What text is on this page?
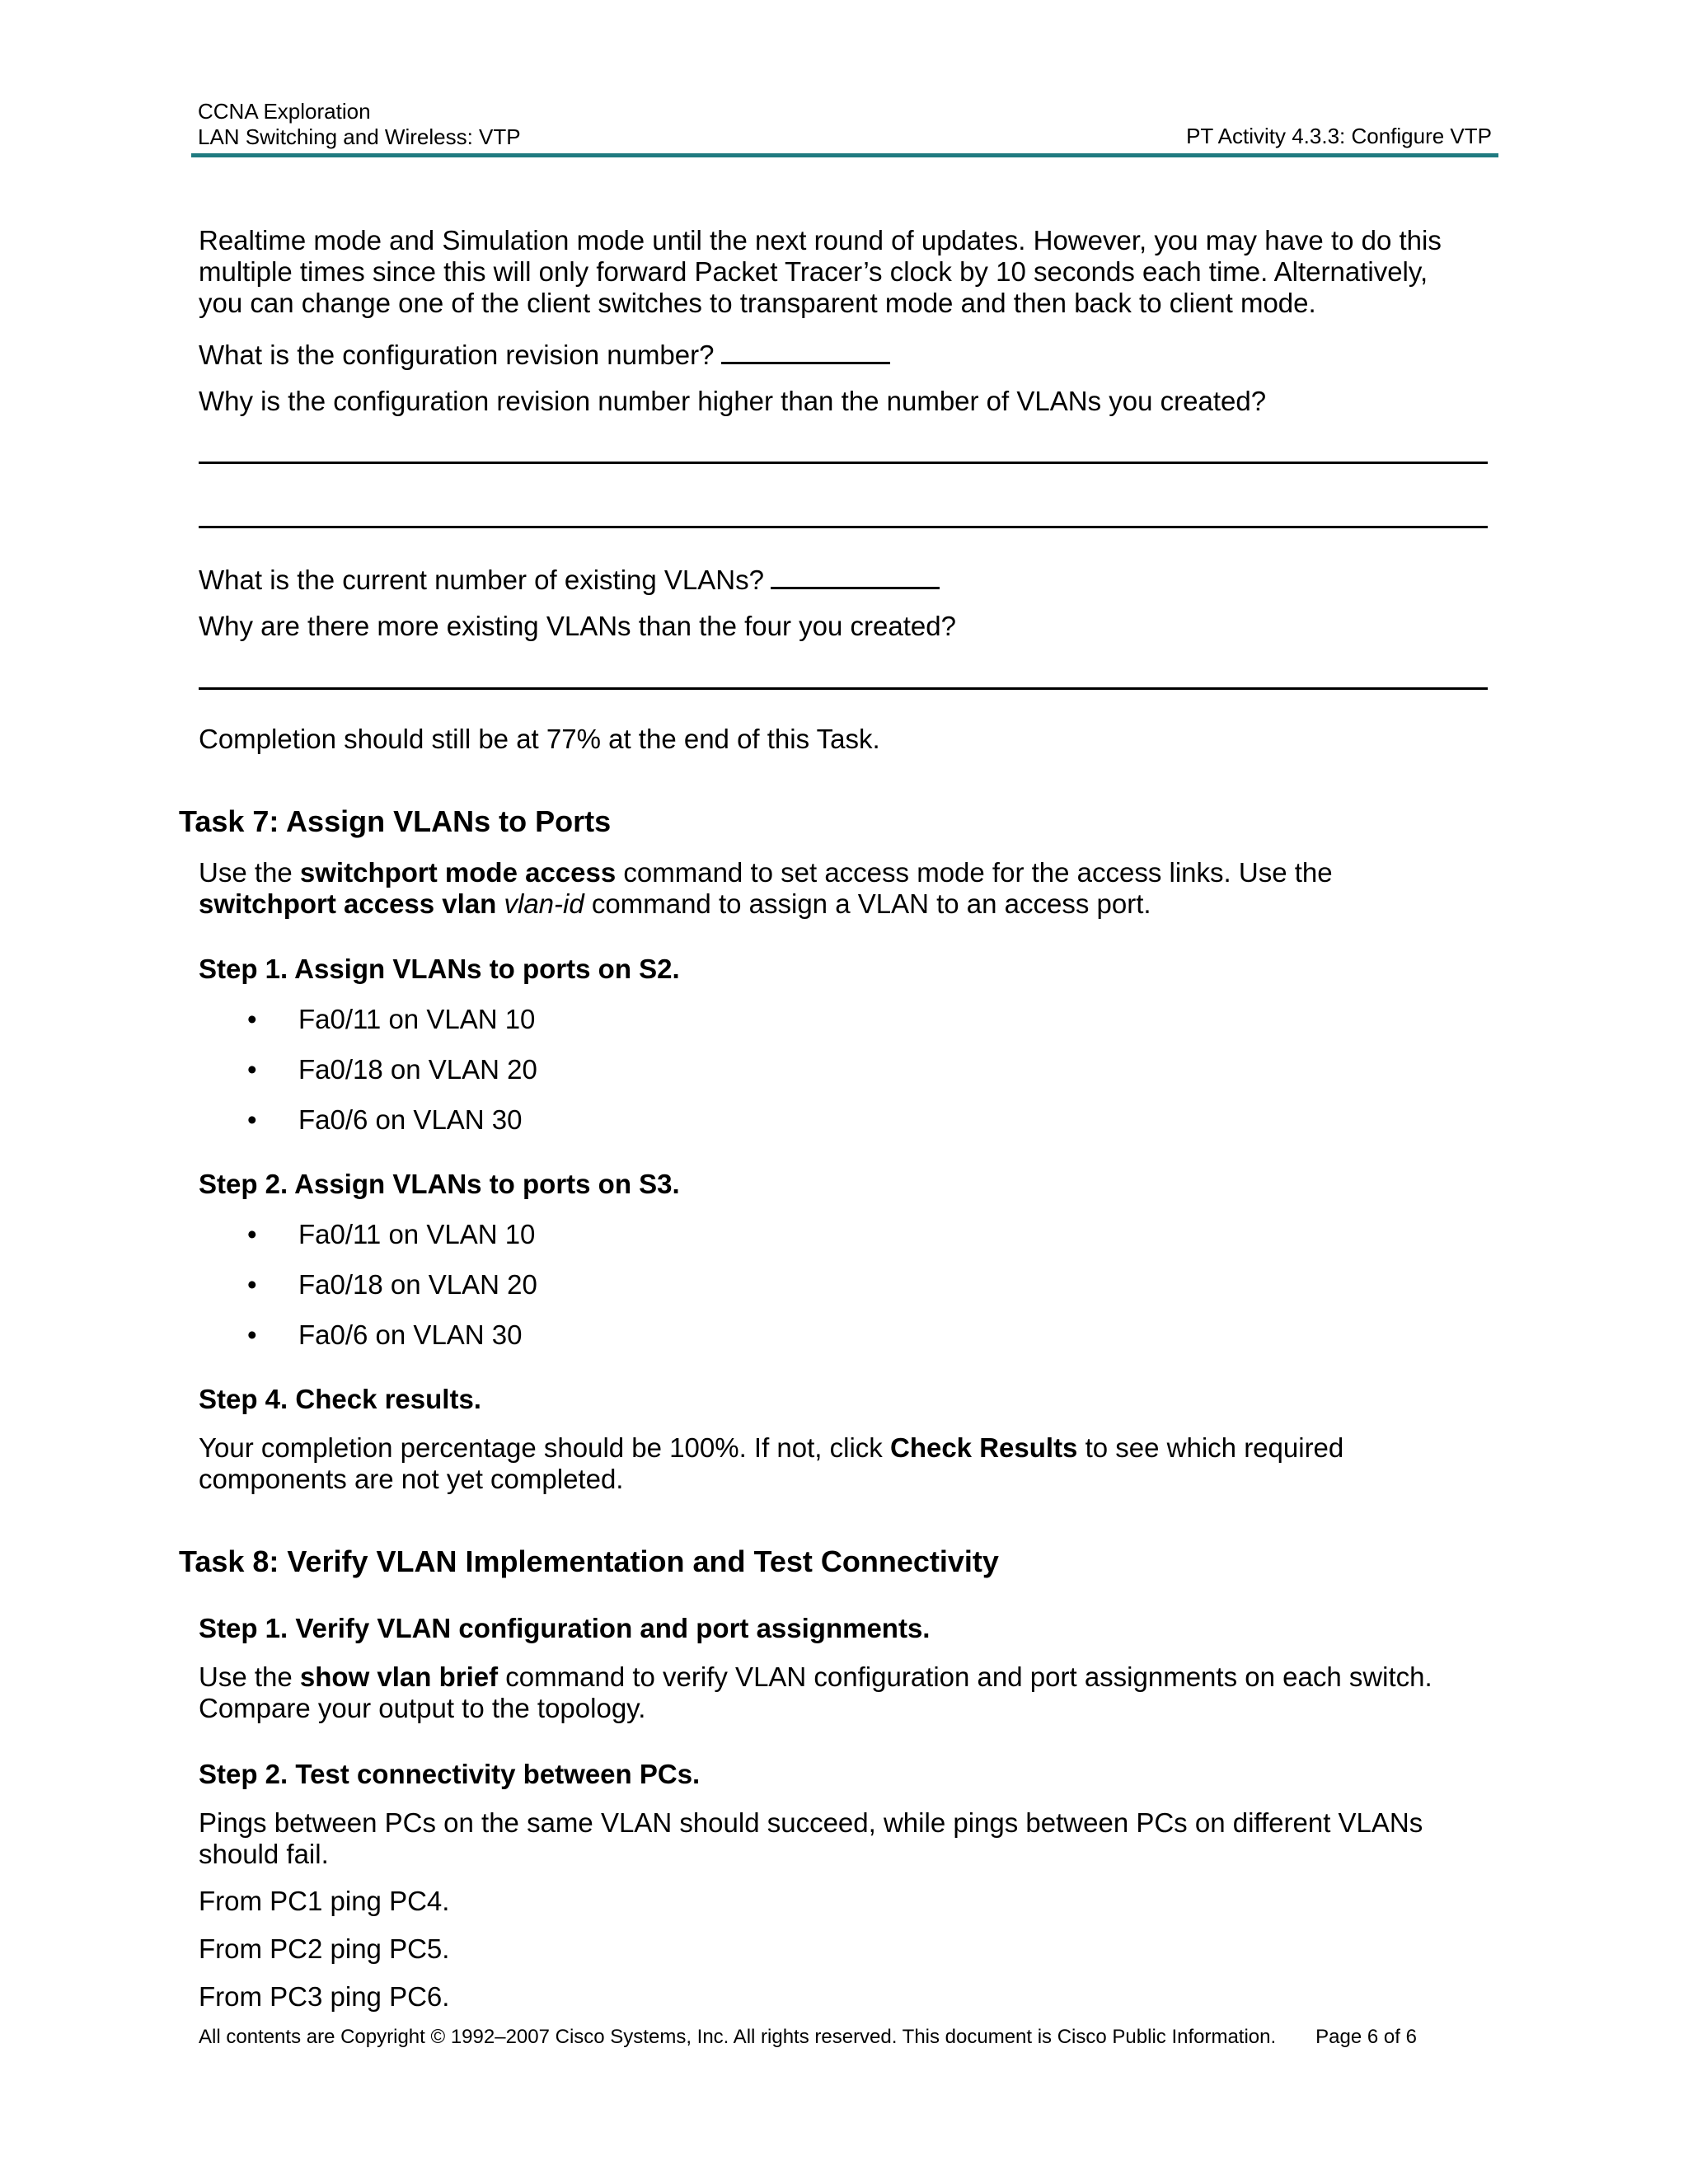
CCNA Exploration
LAN Switching and Wireless: VTP	PT Activity 4.3.3: Configure VTP

Realtime mode and Simulation mode until the next round of updates. However, you may have to do this
multiple times since this will only forward Packet Tracer’s clock by 10 seconds each time. Alternatively,
you can change one of the client switches to transparent mode and then back to client mode.

What is the configuration revision number?

Why is the configuration revision number higher than the number of VLANs you created?

What is the current number of existing VLANs?

Why are there more existing VLANs than the four you created?

Completion should still be at 77% at the end of this Task.

Task 7: Assign VLANs to Ports

Use the switchport mode access command to set access mode for the access links. Use the
switchport access vlan vlan-id command to assign a VLAN to an access port.

Step 1. Assign VLANs to ports on S2.

• Fa0/11 on VLAN 10
• Fa0/18 on VLAN 20
• Fa0/6 on VLAN 30

Step 2. Assign VLANs to ports on S3.

• Fa0/11 on VLAN 10
• Fa0/18 on VLAN 20
• Fa0/6 on VLAN 30

Step 4. Check results.

Your completion percentage should be 100%. If not, click Check Results to see which required
components are not yet completed.

Task 8: Verify VLAN Implementation and Test Connectivity

Step 1. Verify VLAN configuration and port assignments.

Use the show vlan brief command to verify VLAN configuration and port assignments on each switch.
Compare your output to the topology.

Step 2. Test connectivity between PCs.

Pings between PCs on the same VLAN should succeed, while pings between PCs on different VLANs
should fail.

From PC1 ping PC4.

From PC2 ping PC5.

From PC3 ping PC6.

All contents are Copyright © 1992–2007 Cisco Systems, Inc. All rights reserved. This document is Cisco Public Information. Page 6 of 6
